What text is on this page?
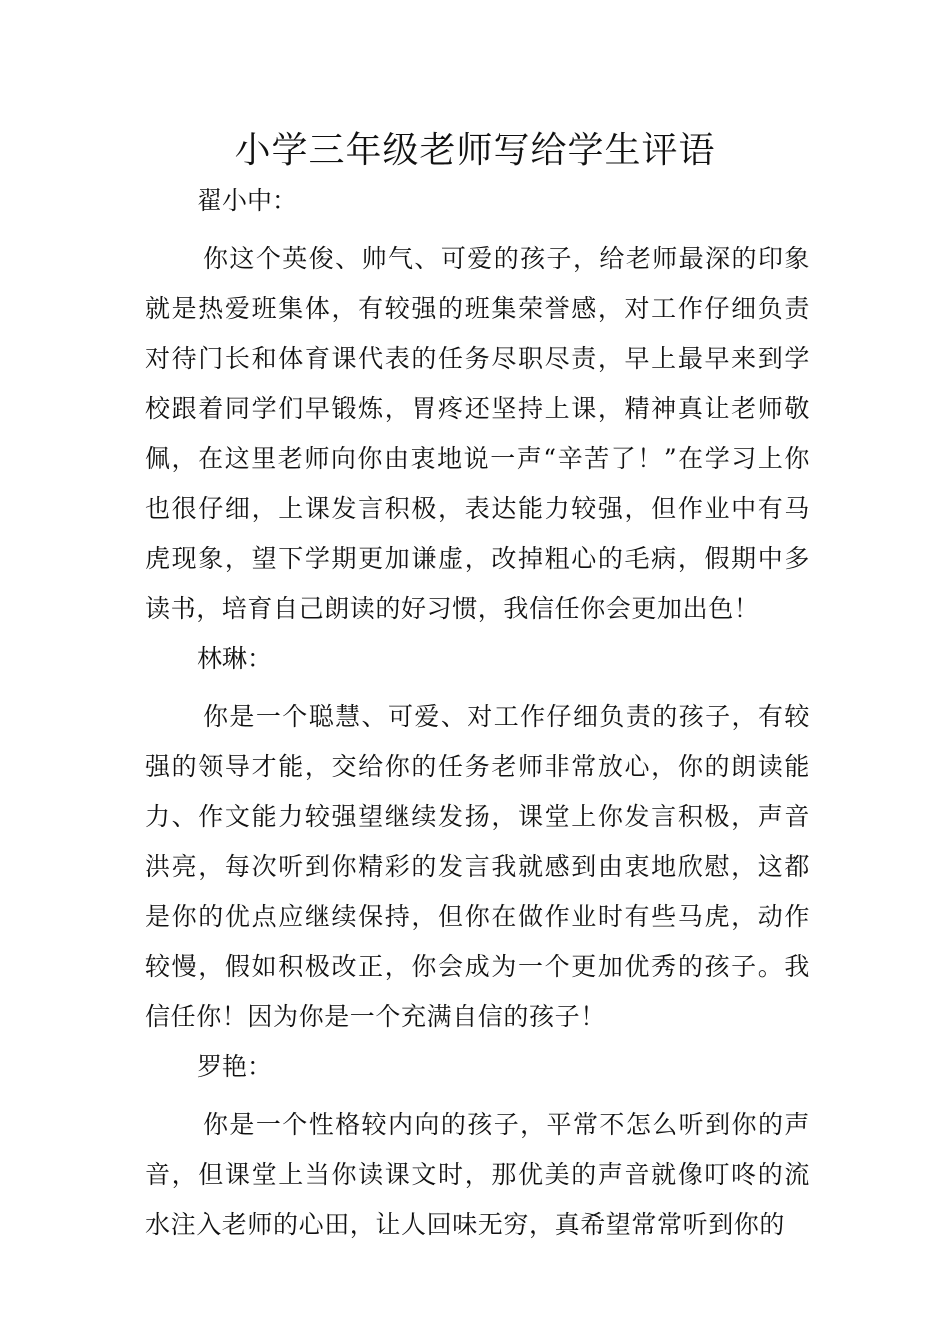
小学三年级老师写给学生评语

翟小中：

你这个英俊、帅气、可爱的孩子，给老师最深的印象就是热爱班集体，有较强的班集荣誉感，对工作仔细负责对待门长和体育课代表的任务尽职尽责，早上最早来到学校跟着同学们早锻炼，胃疼还坚持上课，精神真让老师敬佩，在这里老师向你由衷地说一声“辛苦了！”在学习上你也很仔细，上课发言积极，表达能力较强，但作业中有马虎现象，望下学期更加谦虚，改掉粗心的毛病，假期中多读书，培育自己朗读的好习惯，我信任你会更加出色！

林琳：

你是一个聪慧、可爱、对工作仔细负责的孩子，有较强的领导才能，交给你的任务老师非常放心，你的朗读能力、作文能力较强望继续发扬，课堂上你发言积极，声音洪亮，每次听到你精彩的发言我就感到由衷地欣慰，这都是你的优点应继续保持，但你在做作业时有些马虎，动作较慢，假如积极改正，你会成为一个更加优秀的孩子。我信任你！因为你是一个充满自信的孩子！

罗艳：

你是一个性格较内向的孩子，平常不怎么听到你的声音，但课堂上当你读课文时，那优美的声音就像叮咚的流水注入老师的心田，让人回味无穷，真希望常常听到你的
